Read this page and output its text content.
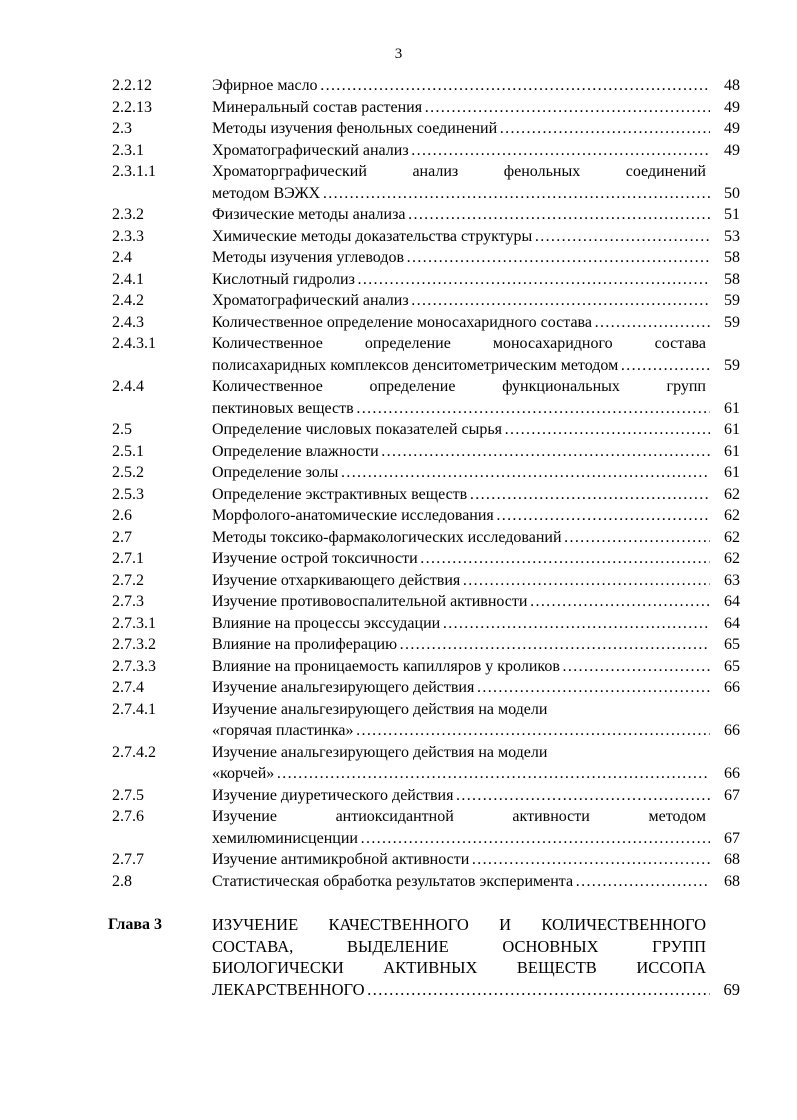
3
2.2.12	Эфирное масло …………………………………………………………………………………………………………………………	48
2.2.13	Минеральный состав растения …………………………………………………………………………………………………………………………	49
2.3	Методы изучения фенольных соединений …………………………………………………………………………………………………………………………	49
2.3.1	Хроматографический анализ …………………………………………………………………………………………………………………………	49
2.3.1.1	Хроматорграфический анализ фенольных соединений
методом ВЭЖХ …………………………………………………………………………………………………………………………	50
2.3.2	Физические методы анализа …………………………………………………………………………………………………………………………	51
2.3.3	Химические методы доказательства структуры …………………………………………………………………………………………………………………………	53
2.4	Методы изучения углеводов …………………………………………………………………………………………………………………………	58
2.4.1	Кислотный гидролиз …………………………………………………………………………………………………………………………	58
2.4.2	Хроматографический анализ …………………………………………………………………………………………………………………………	59
2.4.3	Количественное определение моносахаридного состава …………………………………………………………………………………………………………………………	59
2.4.3.1	Количественное определение моносахаридного состава
полисахаридных комплексов денситометрическим методом …………………………………………………………………………………………………………………………	59
2.4.4	Количественное определение функциональных групп
пектиновых веществ …………………………………………………………………………………………………………………………	61
2.5	Определение числовых показателей сырья …………………………………………………………………………………………………………………………	61
2.5.1	Определение влажности …………………………………………………………………………………………………………………………	61
2.5.2	Определение золы …………………………………………………………………………………………………………………………	61
2.5.3	Определение экстрактивных веществ …………………………………………………………………………………………………………………………	62
2.6	Морфолого-анатомические исследования …………………………………………………………………………………………………………………………	62
2.7	Методы токсико-фармакологических исследований …………………………………………………………………………………………………………………………	62
2.7.1	Изучение острой токсичности …………………………………………………………………………………………………………………………	62
2.7.2	Изучение отхаркивающего действия …………………………………………………………………………………………………………………………	63
2.7.3	Изучение противовоспалительной активности …………………………………………………………………………………………………………………………	64
2.7.3.1	Влияние на процессы экссудации …………………………………………………………………………………………………………………………	64
2.7.3.2	Влияние на пролиферацию …………………………………………………………………………………………………………………………	65
2.7.3.3	Влияние на проницаемость капилляров у кроликов …………………………………………………………………………………………………………………………	65
2.7.4	Изучение анальгезирующего действия …………………………………………………………………………………………………………………………	66
2.7.4.1	Изучение анальгезирующего действия на модели
«горячая пластинка» …………………………………………………………………………………………………………………………	66
2.7.4.2	Изучение анальгезирующего действия на модели
«корчей» …………………………………………………………………………………………………………………………	66
2.7.5	Изучение диуретического действия …………………………………………………………………………………………………………………………	67
2.7.6	Изучение антиоксидантной активности методом
хемилюминисценции …………………………………………………………………………………………………………………………	67
2.7.7	Изучение антимикробной активности …………………………………………………………………………………………………………………………	68
2.8	Статистическая обработка результатов эксперимента …………………………………………………………………………………………………………………………	68
Глава 3	ИЗУЧЕНИЕ КАЧЕСТВЕННОГО И КОЛИЧЕСТВЕННОГО
СОСТАВА, ВЫДЕЛЕНИЕ ОСНОВНЫХ ГРУПП
БИОЛОГИЧЕСКИ АКТИВНЫХ ВЕЩЕСТВ ИССОПА
ЛЕКАРСТВЕННОГО …………………………………………………………………………………………………………………………	69
